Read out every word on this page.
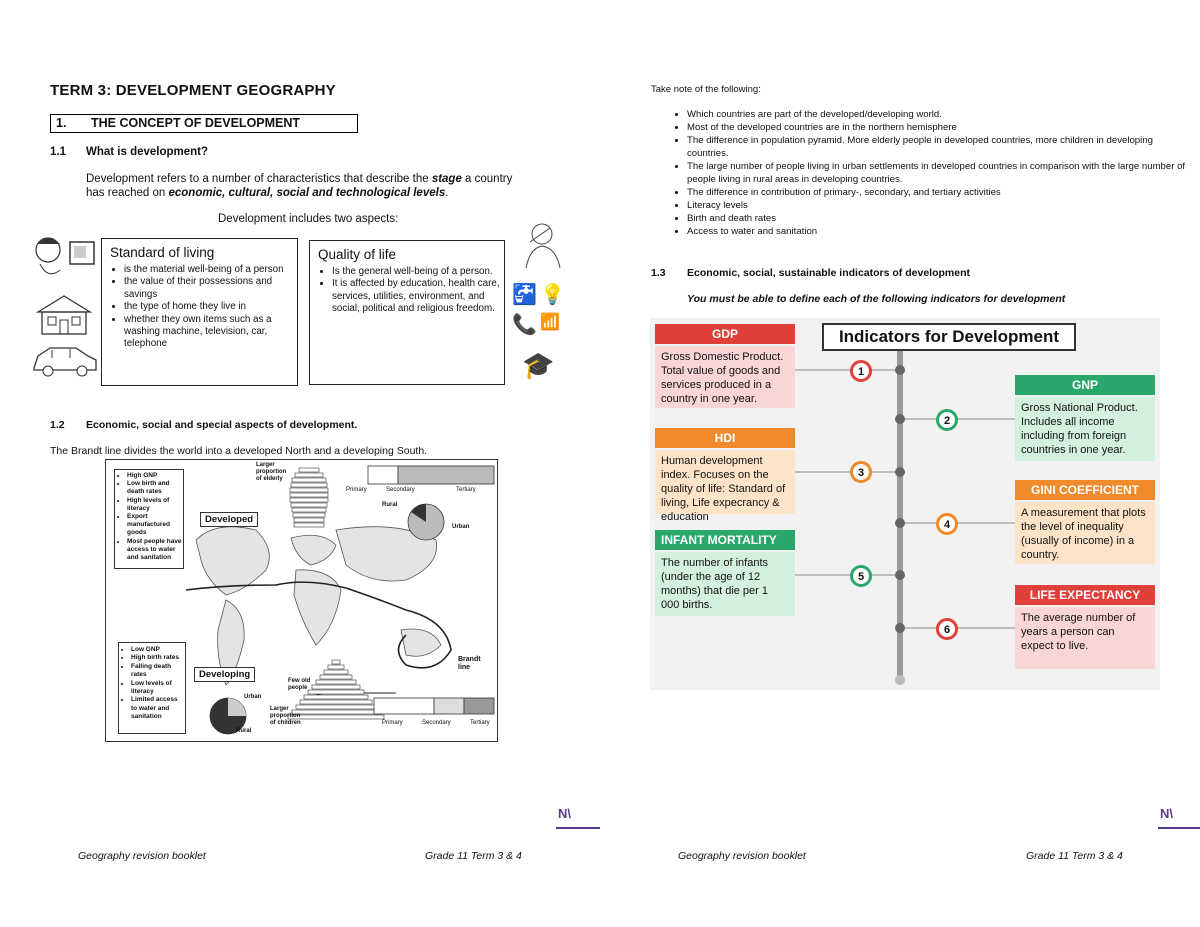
TERM 3: DEVELOPMENT GEOGRAPHY
1. THE CONCEPT OF DEVELOPMENT
1.1 What is development?
Development refers to a number of characteristics that describe the stage a country
has reached on economic, cultural, social and technological levels.
Development includes two aspects:
Standard of living
• is the material well-being of a person
• the value of their possessions and savings
• the type of home they live in
• whether they own items such as a washing machine, television, car, telephone
Quality of life
• Is the general well-being of a person.
• It is affected by education, health care, services, utilities, environment, and social, political and religious freedom.
🚰 💡
📞 📶
🎓
1.2 Economic, social and special aspects of development.
The Brandt line divides the world into a developed North and a developing South.
Developed
Developing
Brandt line
• High GNP
• Low birth and death rates
• High levels of literacy
• Export manufactured goods
• Most people have access to water and sanitation
• Low GNP
• High birth rates
• Falling death rates
• Low levels of literacy
• Limited access to water and sanitation
Larger proportion of elderly
Larger proportion of children
Few old people
Rural
Urban
Urban
Rural
Primary	Secondary	Tertiary
Primary	Secondary	Tertiary
N\
Geography revision booklet	Grade 11 Term 3 & 4
Take note of the following:
• Which countries are part of the developed/developing world.
• Most of the developed countries are in the northern hemisphere
• The difference in population pyramid. More elderly people in developed countries, more children in developing countries.
• The large number of people living in urban settlements in developed countries in comparison with the large number of people living in rural areas in developing countries.
• The difference in contribution of primary-, secondary, and tertiary activities
• Literacy levels
• Birth and death rates
• Access to water and sanitation
1.3 Economic, social, sustainable indicators of development
You must be able to define each of the following indicators for development
Indicators for Development
GDP
Gross Domestic Product. Total value of goods and services produced in a country in one year.
1
GNP
Gross National Product. Includes all income including from foreign countries in one year.
2
HDI
Human development index. Focuses on the quality of life: Standard of living, Life expecrancy & education
3
GINI COEFFICIENT
A measurement that plots the level of inequality (usually of income) in a country.
4
INFANT MORTALITY
The number of infants (under the age of 12 months) that die per 1 000 births.
5
LIFE EXPECTANCY
The average number of years a person can expect to live.
6
N\
Geography revision booklet	Grade 11 Term 3 & 4
